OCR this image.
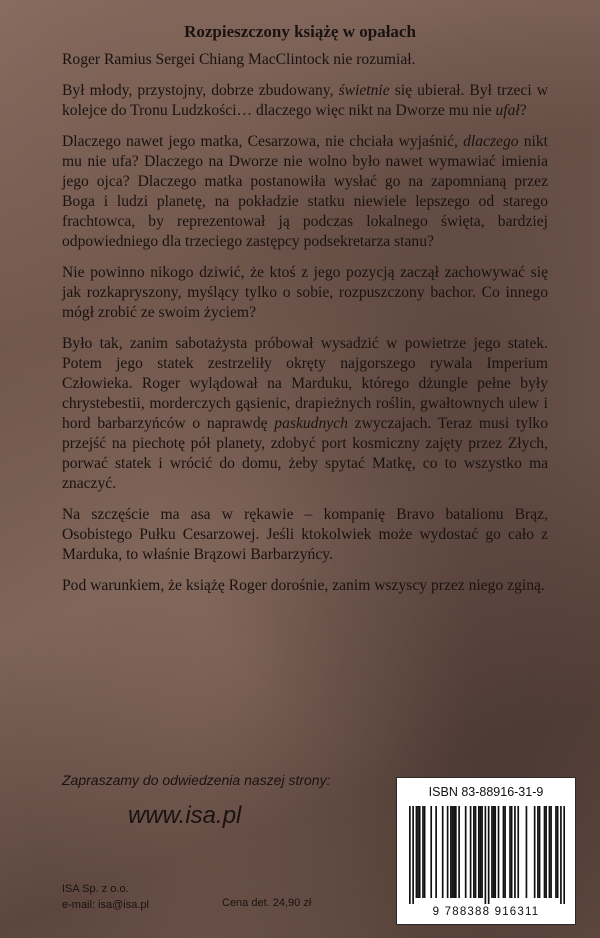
Rozpieszczony książę w opałach

Roger Ramius Sergei Chiang MacClintock nie rozumiał.

Był młody, przystojny, dobrze zbudowany, świetnie się ubierał. Był trzeci w kolejce do Tronu Ludzkości… dlaczego więc nikt na Dworze mu nie ufał?

Dlaczego nawet jego matka, Cesarzowa, nie chciała wyjaśnić, dlaczego nikt mu nie ufa? Dlaczego na Dworze nie wolno było nawet wymawiać imienia jego ojca? Dlaczego matka postanowiła wysłać go na zapomnianą przez Boga i ludzi planetę, na pokładzie statku niewiele lepszego od starego frachtowca, by reprezentował ją podczas lokalnego święta, bardziej odpowiedniego dla trzeciego zastępcy podsekretarza stanu?

Nie powinno nikogo dziwić, że ktoś z jego pozycją zaczął zachowywać się jak rozkapryszony, myślący tylko o sobie, rozpuszczony bachor. Co innego mógł zrobić ze swoim życiem?

Było tak, zanim sabotażysta próbował wysadzić w powietrze jego statek. Potem jego statek zestrzeliły okręty najgorszego rywala Imperium Człowieka. Roger wylądował na Marduku, którego dżungle pełne były chrystebestii, morderczych gąsienic, drapieżnych roślin, gwałtownych ulew i hord barbarzyńców o naprawdę paskudnych zwyczajach. Teraz musi tylko przejść na piechotę pół planety, zdobyć port kosmiczny zajęty przez Złych, porwać statek i wrócić do domu, żeby spytać Matkę, co to wszystko ma znaczyć.

Na szczęście ma asa w rękawie – kompanię Bravo batalionu Brąz, Osobistego Pułku Cesarzowej. Jeśli ktokolwiek może wydostać go cało z Marduka, to właśnie Brązowi Barbarzyńcy.

Pod warunkiem, że książę Roger dorośnie, zanim wszyscy przez niego zginą.

Zapraszamy do odwiedzenia naszej strony:

www.isa.pl
ISA Sp. z o.o.
e-mail: isa@isa.pl	Cena det. 24,90 zł
ISBN 83-88916-31-9
9 788388 916311
